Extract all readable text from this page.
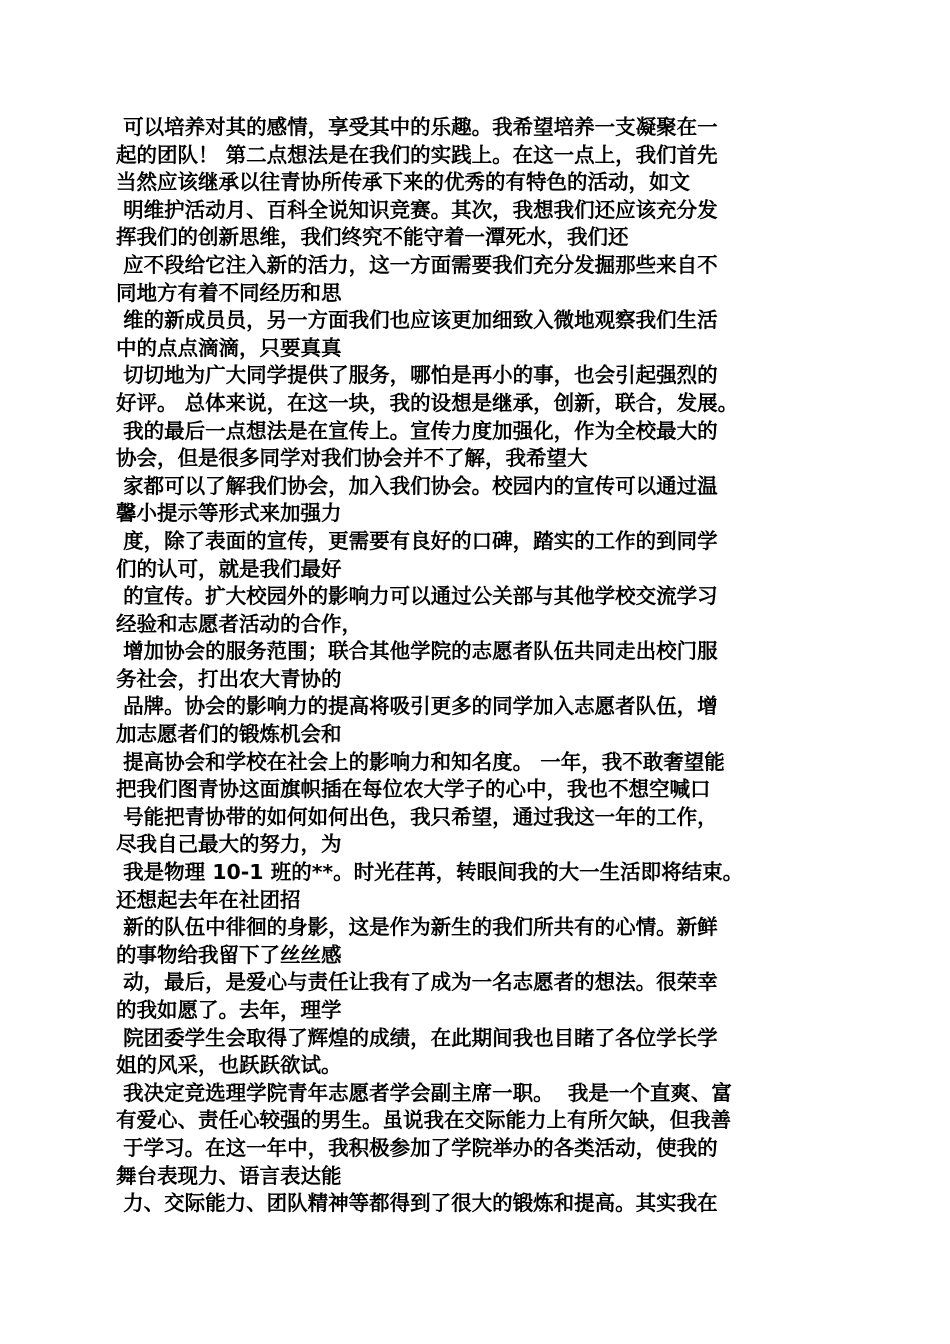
可以培养对其的感情，享受其中的乐趣。我希望培养一支凝聚在一
起的团队！ 第二点想法是在我们的实践上。在这一点上，我们首先
当然应该继承以往青协所传承下来的优秀的有特色的活动，如文
明维护活动月、百科全说知识竞赛。其次，我想我们还应该充分发
挥我们的创新思维，我们终究不能守着一潭死水，我们还
应不段给它注入新的活力，这一方面需要我们充分发掘那些来自不
同地方有着不同经历和思
维的新成员员，另一方面我们也应该更加细致入微地观察我们生活
中的点点滴滴，只要真真
切切地为广大同学提供了服务，哪怕是再小的事，也会引起强烈的
好评。 总体来说，在这一块，我的设想是继承，创新，联合，发展。
我的最后一点想法是在宣传上。宣传力度加强化，作为全校最大的
协会，但是很多同学对我们协会并不了解，我希望大
家都可以了解我们协会，加入我们协会。校园内的宣传可以通过温
馨小提示等形式来加强力
度，除了表面的宣传，更需要有良好的口碑，踏实的工作的到同学
们的认可，就是我们最好
的宣传。扩大校园外的影响力可以通过公关部与其他学校交流学习
经验和志愿者活动的合作，
增加协会的服务范围；联合其他学院的志愿者队伍共同走出校门服
务社会，打出农大青协的
品牌。协会的影响力的提高将吸引更多的同学加入志愿者队伍，增
加志愿者们的锻炼机会和
提高协会和学校在社会上的影响力和知名度。 一年，我不敢奢望能
把我们图青协这面旗帜插在每位农大学子的心中，我也不想空喊口
号能把青协带的如何如何出色，我只希望，通过我这一年的工作，
尽我自己最大的努力，为
我是物理 10-1 班的**。时光荏苒，转眼间我的大一生活即将结束。
还想起去年在社团招
新的队伍中徘徊的身影，这是作为新生的我们所共有的心情。新鲜
的事物给我留下了丝丝感
动，最后，是爱心与责任让我有了成为一名志愿者的想法。很荣幸
的我如愿了。去年，理学
院团委学生会取得了辉煌的成绩，在此期间我也目睹了各位学长学
姐的风采，也跃跃欲试。
我决定竞选理学院青年志愿者学会副主席一职。  我是一个直爽、富
有爱心、责任心较强的男生。虽说我在交际能力上有所欠缺，但我善
于学习。在这一年中，我积极参加了学院举办的各类活动，使我的
舞台表现力、语言表达能
力、交际能力、团队精神等都得到了很大的锻炼和提高。其实我在
